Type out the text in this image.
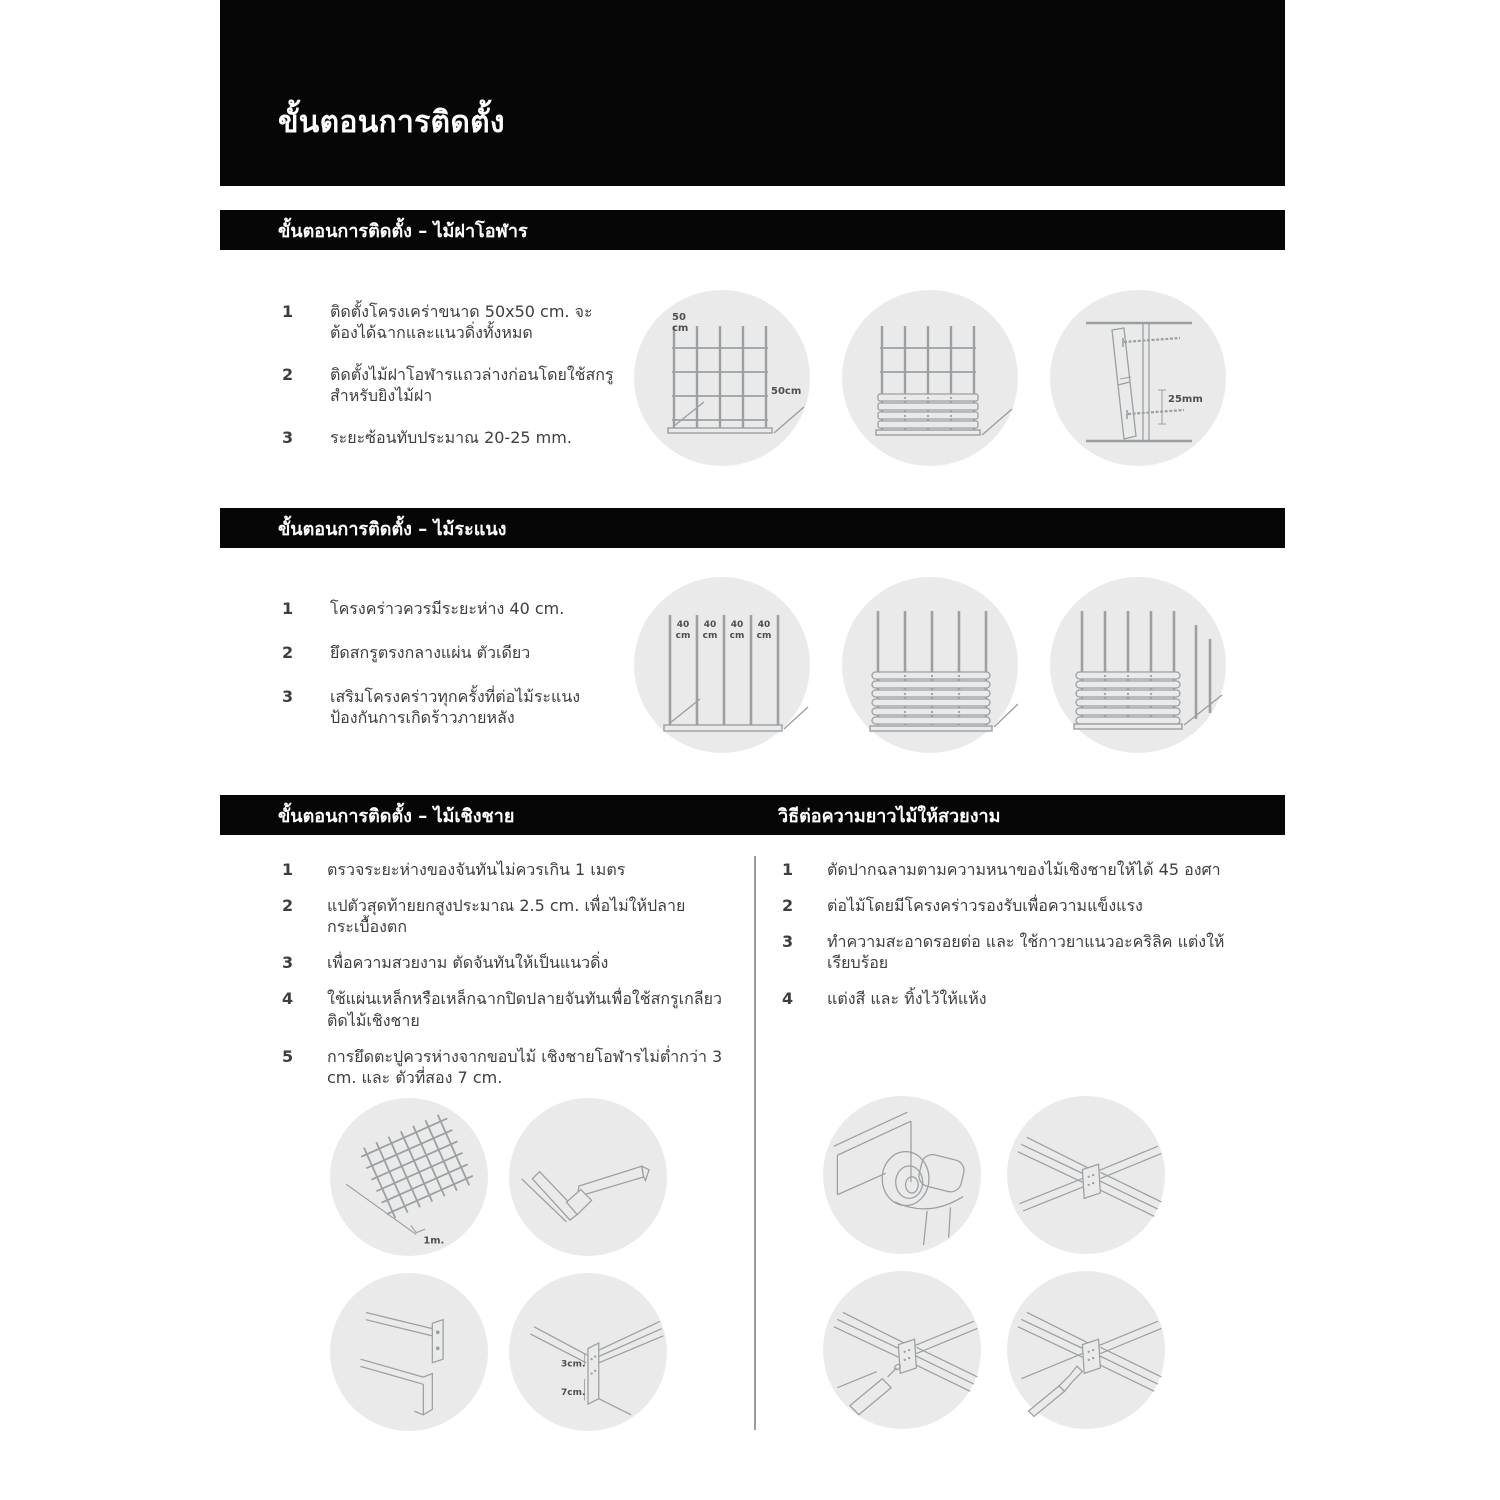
ขั้นตอนการติดตั้ง
ขั้นตอนการติดตั้ง – ไม้ฝาโอฬาร
1	ติดตั้งโครงเคร่าขนาด 50x50 cm. จะต้องได้ฉากและแนวดิ่งทั้งหมด
2	ติดตั้งไม้ฝาโอฬารแถวล่างก่อนโดยใช้สกรูสำหรับยิงไม้ฝา
3	ระยะซ้อนทับประมาณ 20-25 mm.
50
cm
50cm
25mm
ขั้นตอนการติดตั้ง – ไม้ระแนง
1	โครงคร่าวควรมีระยะห่าง 40 cm.
2	ยึดสกรูตรงกลางแผ่น ตัวเดียว
3	เสริมโครงคร่าวทุกครั้งที่ต่อไม้ระแนง ป้องกันการเกิดร้าวภายหลัง
40
cm
40
cm
40
cm
40
cm
ขั้นตอนการติดตั้ง – ไม้เชิงชาย	วิธีต่อความยาวไม้ให้สวยงาม
1	ตรวจระยะห่างของจันทันไม่ควรเกิน 1 เมตร
2	แปตัวสุดท้ายยกสูงประมาณ 2.5 cm. เพื่อไม่ให้ปลายกระเบื้องตก
3	เพื่อความสวยงาม ตัดจันทันให้เป็นแนวดิ่ง
4	ใช้แผ่นเหล็กหรือเหล็กฉากปิดปลายจันทันเพื่อใช้สกรูเกลียว ติดไม้เชิงชาย
5	การยึดตะปูควรห่างจากขอบไม้ เชิงชายโอฬารไม่ต่ำกว่า 3 cm. และ ตัวที่สอง 7 cm.
1	ตัดปากฉลามตามความหนาของไม้เชิงชายให้ได้ 45 องศา
2	ต่อไม้โดยมีโครงคร่าวรองรับเพื่อความแข็งแรง
3	ทำความสะอาดรอยต่อ และ ใช้กาวยาแนวอะคริลิค แต่งให้เรียบร้อย
4	แต่งสี และ ทิ้งไว้ให้แห้ง
1m.
3cm.
7cm.
